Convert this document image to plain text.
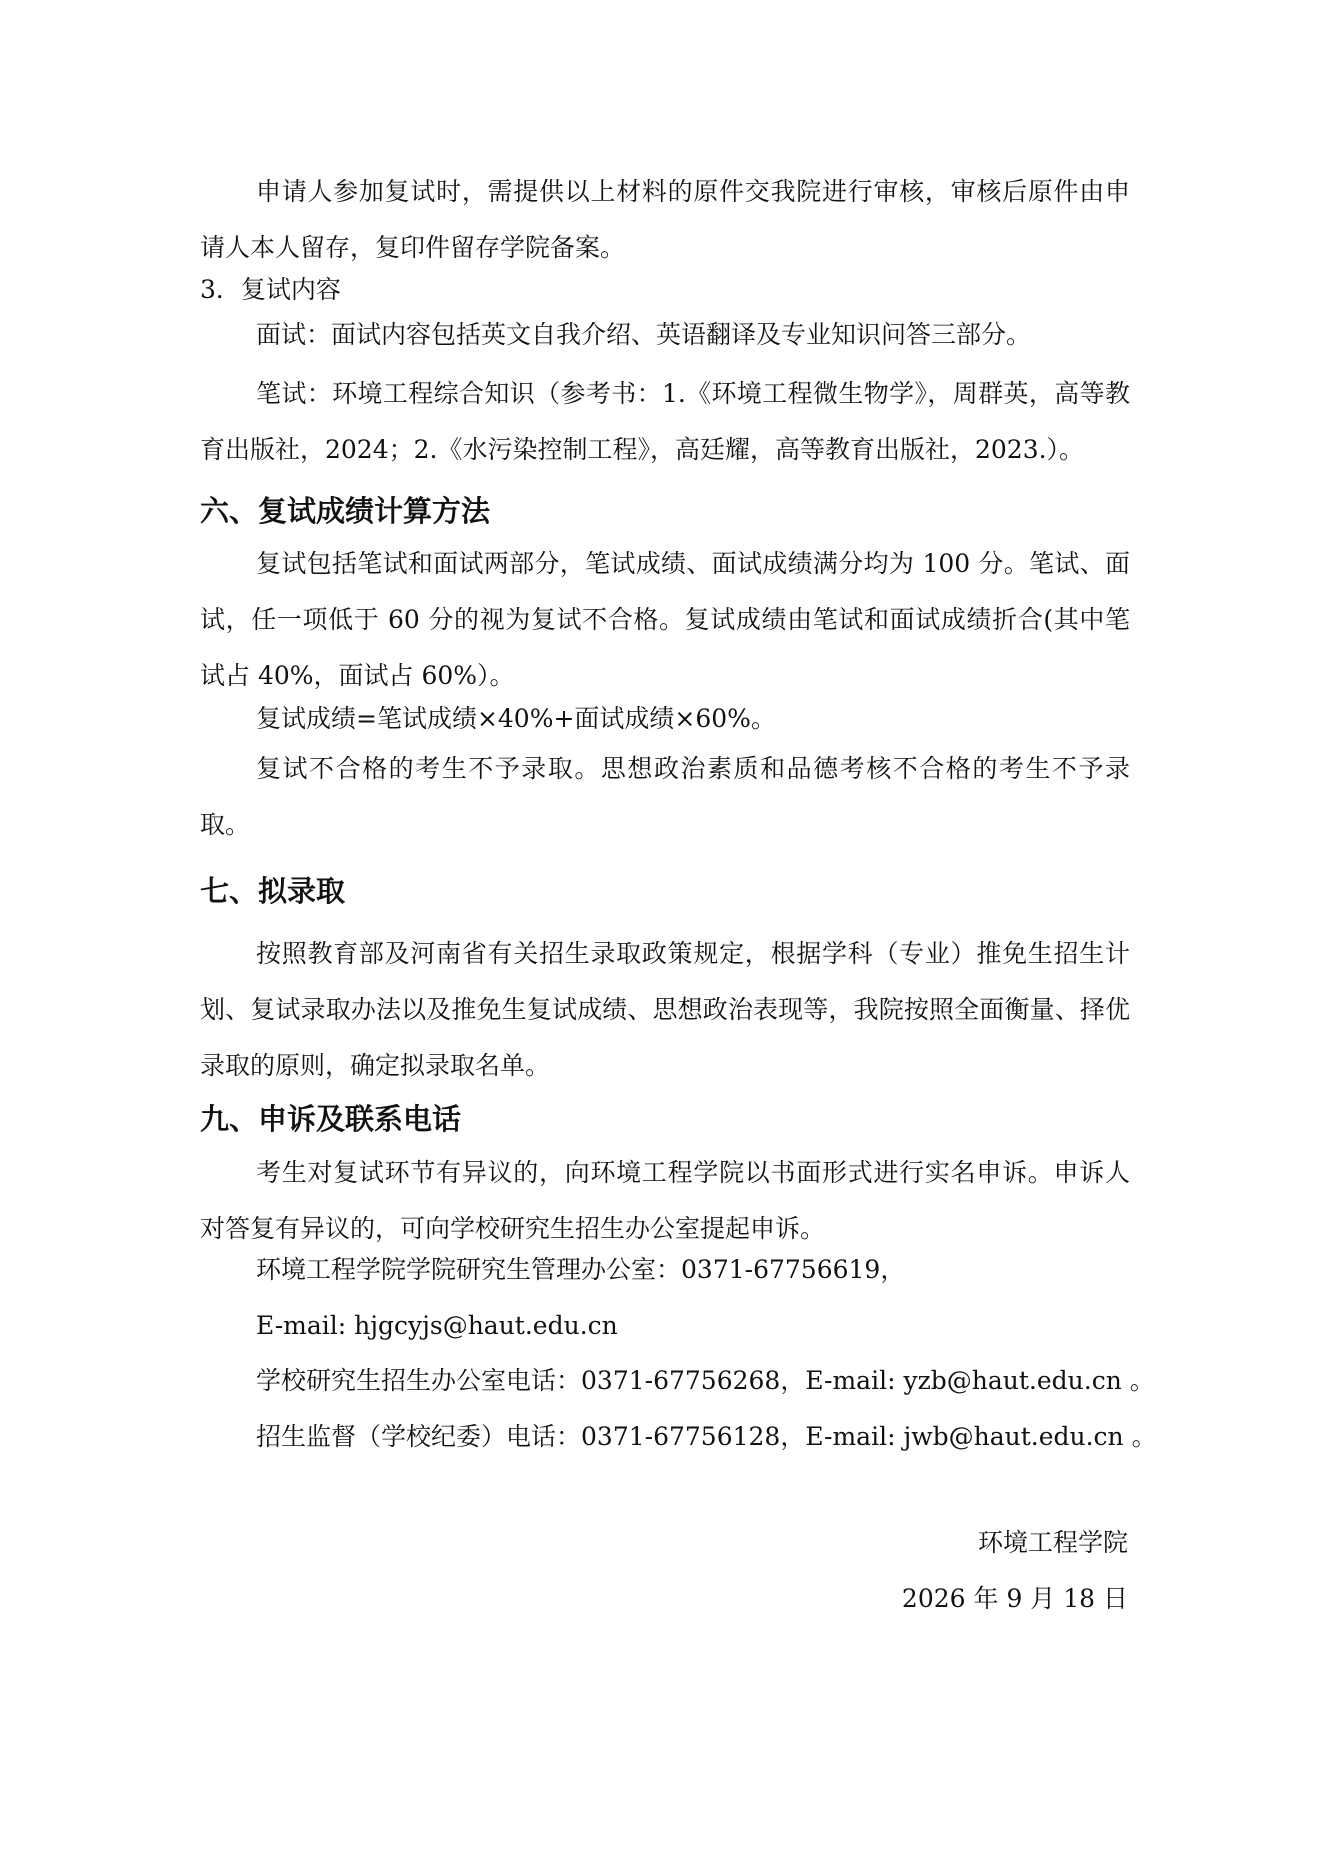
申请人参加复试时，需提供以上材料的原件交我院进行审核，审核后原件由申请人本人留存，复印件留存学院备案。

3．复试内容

面试：面试内容包括英文自我介绍、英语翻译及专业知识问答三部分。

笔试：环境工程综合知识（参考书：1.《环境工程微生物学》，周群英，高等教育出版社，2024；2.《水污染控制工程》，高廷耀，高等教育出版社，2023.）。

六、复试成绩计算方法

复试包括笔试和面试两部分，笔试成绩、面试成绩满分均为 100 分。笔试、面试，任一项低于 60 分的视为复试不合格。复试成绩由笔试和面试成绩折合(其中笔试占 40%，面试占 60%）。

复试成绩=笔试成绩×40%+面试成绩×60%。

复试不合格的考生不予录取。思想政治素质和品德考核不合格的考生不予录取。

七、拟录取

按照教育部及河南省有关招生录取政策规定，根据学科（专业）推免生招生计划、复试录取办法以及推免生复试成绩、思想政治表现等，我院按照全面衡量、择优录取的原则，确定拟录取名单。

九、申诉及联系电话

考生对复试环节有异议的，向环境工程学院以书面形式进行实名申诉。申诉人对答复有异议的，可向学校研究生招生办公室提起申诉。

环境工程学院学院研究生管理办公室：0371-67756619，

E-mail: hjgcyjs@haut.edu.cn

学校研究生招生办公室电话：0371-67756268，E-mail: yzb@haut.edu.cn 。

招生监督（学校纪委）电话：0371-67756128，E-mail: jwb@haut.edu.cn 。

环境工程学院

2026 年 9 月 18 日
